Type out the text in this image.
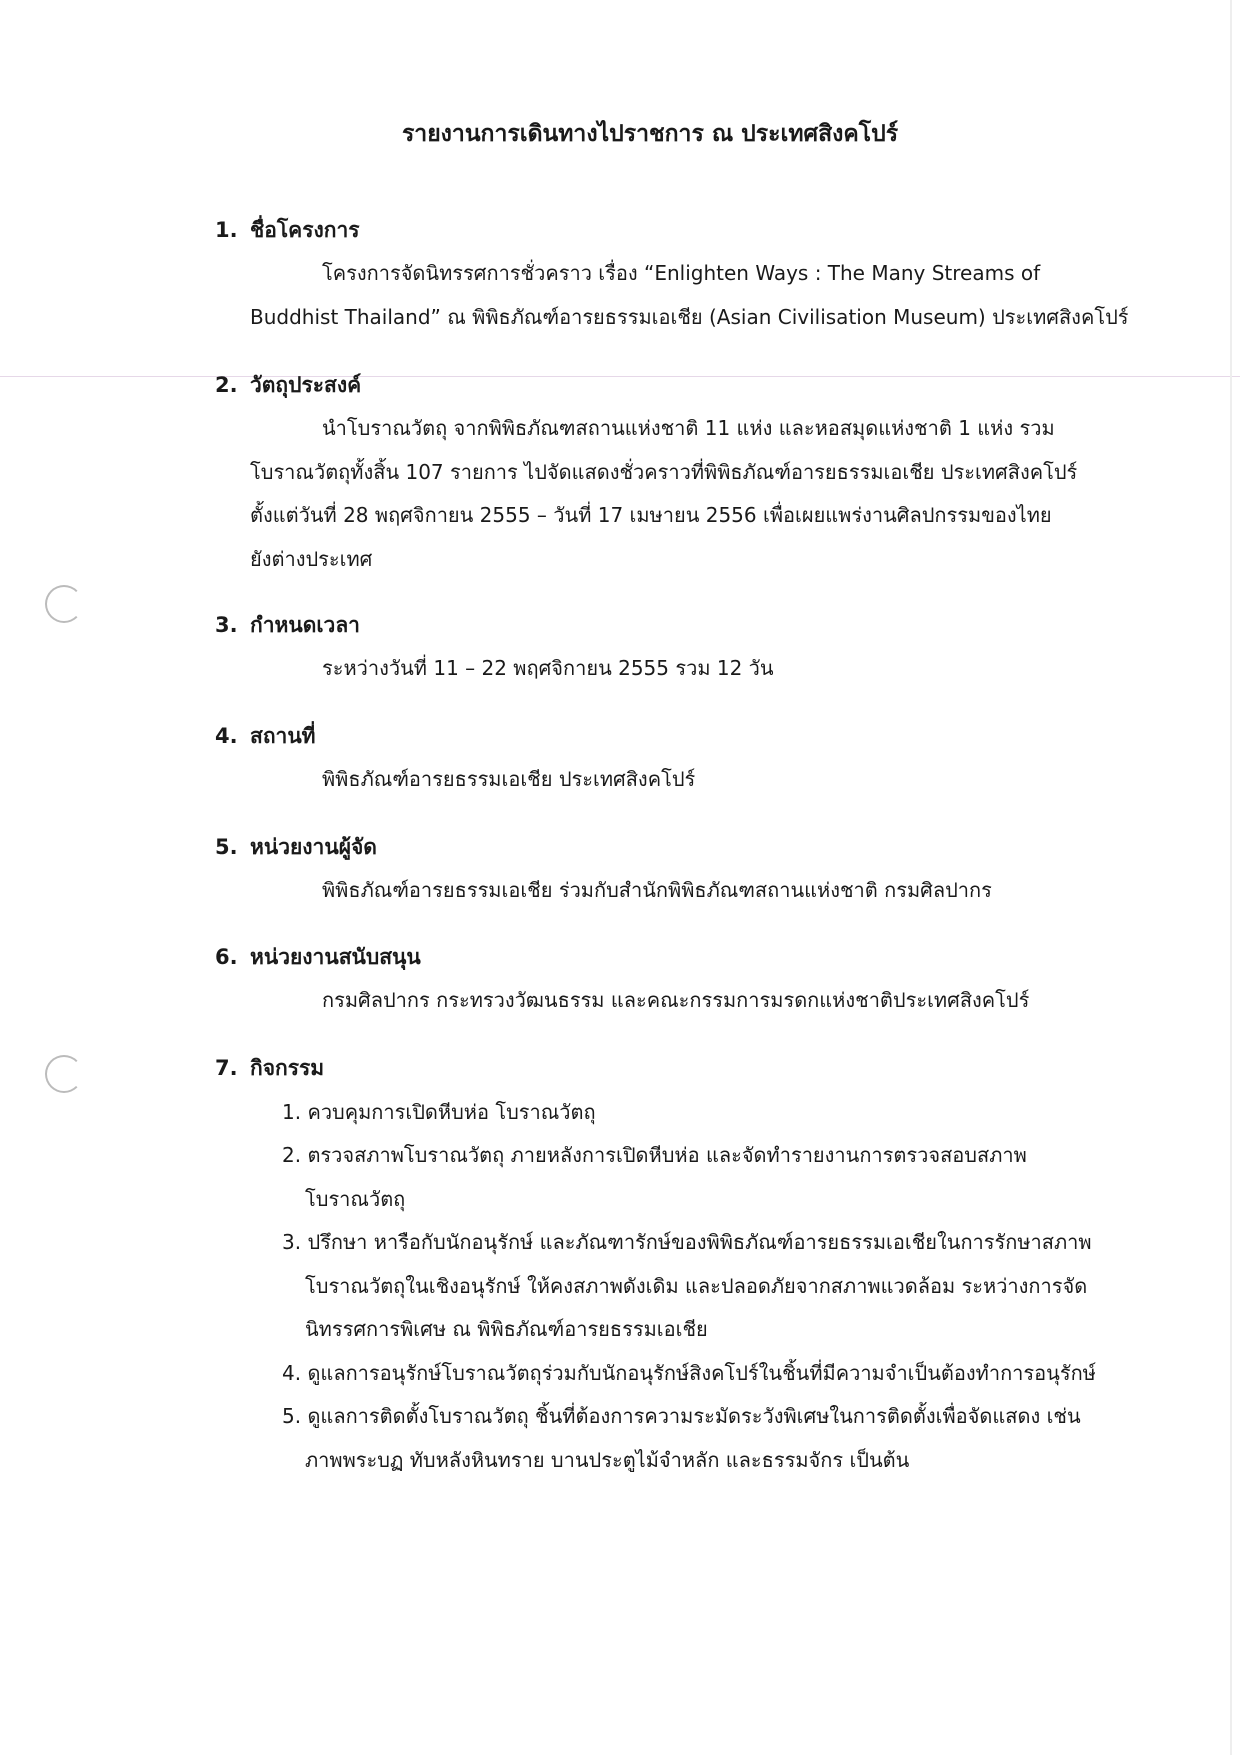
รายงานการเดินทางไปราชการ ณ ประเทศสิงคโปร์
1. ชื่อโครงการ
โครงการจัดนิทรรศการชั่วคราว เรื่อง “Enlighten Ways : The Many Streams of
Buddhist Thailand” ณ พิพิธภัณฑ์อารยธรรมเอเชีย (Asian Civilisation Museum) ประเทศสิงคโปร์
2. วัตถุประสงค์
นำโบราณวัตถุ จากพิพิธภัณฑสถานแห่งชาติ 11 แห่ง และหอสมุดแห่งชาติ 1 แห่ง รวม
โบราณวัตถุทั้งสิ้น 107 รายการ ไปจัดแสดงชั่วคราวที่พิพิธภัณฑ์อารยธรรมเอเชีย ประเทศสิงคโปร์
ตั้งแต่วันที่ 28 พฤศจิกายน 2555 – วันที่ 17 เมษายน 2556 เพื่อเผยแพร่งานศิลปกรรมของไทย
ยังต่างประเทศ
3. กำหนดเวลา
ระหว่างวันที่ 11 – 22 พฤศจิกายน 2555 รวม 12 วัน
4. สถานที่
พิพิธภัณฑ์อารยธรรมเอเชีย ประเทศสิงคโปร์
5. หน่วยงานผู้จัด
พิพิธภัณฑ์อารยธรรมเอเชีย ร่วมกับสำนักพิพิธภัณฑสถานแห่งชาติ กรมศิลปากร
6. หน่วยงานสนับสนุน
กรมศิลปากร กระทรวงวัฒนธรรม และคณะกรรมการมรดกแห่งชาติประเทศสิงคโปร์
7. กิจกรรม
1. ควบคุมการเปิดหีบห่อ โบราณวัตถุ
2. ตรวจสภาพโบราณวัตถุ ภายหลังการเปิดหีบห่อ และจัดทำรายงานการตรวจสอบสภาพ
โบราณวัตถุ
3. ปรึกษา หารือกับนักอนุรักษ์ และภัณฑารักษ์ของพิพิธภัณฑ์อารยธรรมเอเชียในการรักษาสภาพ
โบราณวัตถุในเชิงอนุรักษ์ ให้คงสภาพดังเดิม และปลอดภัยจากสภาพแวดล้อม ระหว่างการจัด
นิทรรศการพิเศษ ณ พิพิธภัณฑ์อารยธรรมเอเชีย
4. ดูแลการอนุรักษ์โบราณวัตถุร่วมกับนักอนุรักษ์สิงคโปร์ในชิ้นที่มีความจำเป็นต้องทำการอนุรักษ์
5. ดูแลการติดตั้งโบราณวัตถุ ชิ้นที่ต้องการความระมัดระวังพิเศษในการติดตั้งเพื่อจัดแสดง เช่น
ภาพพระบฏ ทับหลังหินทราย บานประตูไม้จำหลัก และธรรมจักร เป็นต้น
